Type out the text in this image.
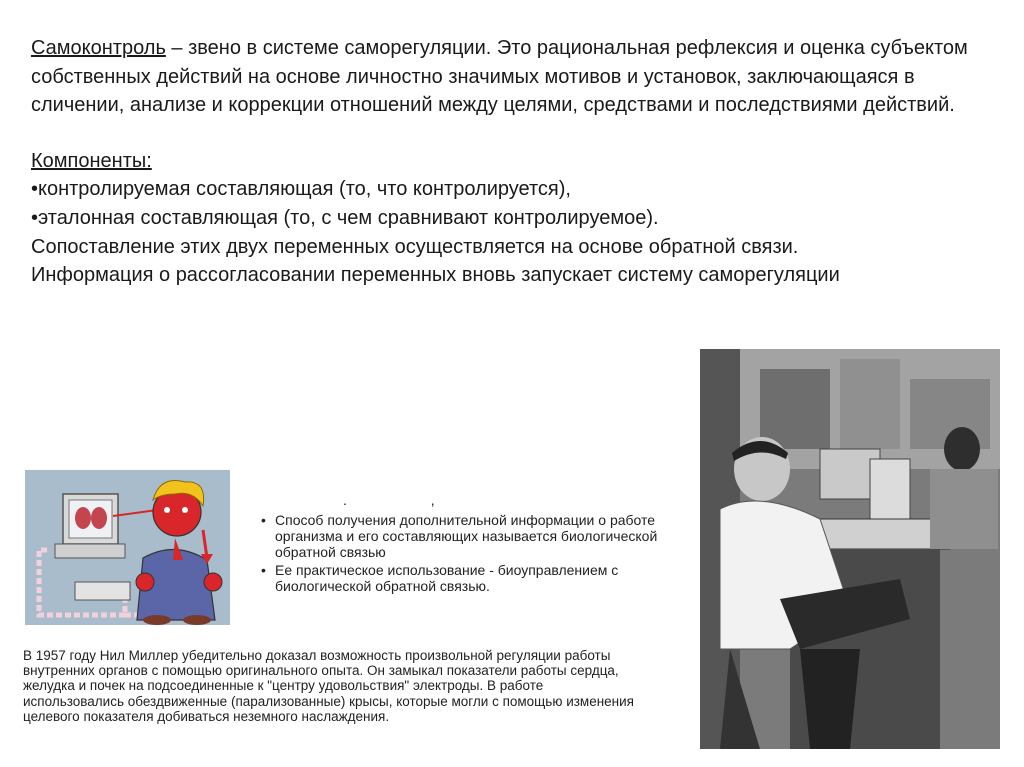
Самоконтроль – звено в системе саморегуляции. Это рациональная рефлексия и оценка субъектом собственных действий на основе личностно значимых мотивов и установок, заключающаяся в сличении, анализе и коррекции отношений между целями, средствами и последствиями действий.

Компоненты:

•контролируемая составляющая (то, что контролируется),

•эталонная составляющая (то, с чем сравнивают контролируемое).

Сопоставление этих двух переменных осуществляется на основе обратной связи.

Информация о рассогласовании переменных вновь запускает систему саморегуляции

. ,
• Способ получения дополнительной информации о работе организма и его составляющих называется биологической обратной связью
• Ее практическое использование - биоуправлением с биологической обратной связью.
В 1957 году Нил Миллер убедительно доказал возможность произвольной регуляции работы внутренних органов с помощью оригинального опыта. Он замыкал показатели работы сердца, желудка и почек на подсоединенные к "центру удовольствия" электроды. В работе использовались обездвиженные (парализованные) крысы, которые могли с помощью изменения целевого показателя добиваться неземного наслаждения.
